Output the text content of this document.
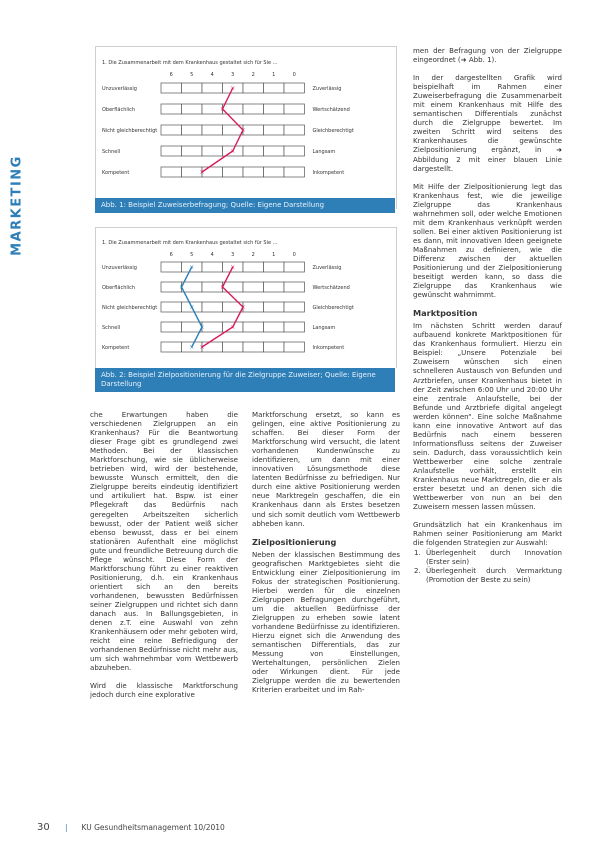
MARKETING
1. Die Zusammenarbeit mit dem Krankenhaus gestaltet sich für Sie ...
6	5	4	3	2	1	0
Unzuverlässig	Zuverlässig
Oberflächlich	Wertschätzend
Nicht gleichberechtigt	Gleichberechtigt
Schnell	Langsam
Kompetent	Inkompetent
×
×
×
×
×
Abb. 1: Beispiel Zuweiserbefragung; Quelle: Eigene Darstellung
1. Die Zusammenarbeit mit dem Krankenhaus gestaltet sich für Sie ...
6	5	4	3	2	1	0
Unzuverlässig	Zuverlässig
Oberflächlich	Wertschätzend
Nicht gleichberechtigt	Gleichberechtigt
Schnell	Langsam
Kompetent	Inkompetent
×
×
×
×
×
×
×
×
×
×
Abb. 2: Beispiel Zielpositionierung für die Zielgruppe Zuweiser; Quelle: Eigene Darstellung

men der Befragung von der Zielgruppe eingeordnet (➜ Abb. 1).

In der dargestellten Grafik wird beispielhaft im Rahmen einer Zuweiserbefragung die Zusammenarbeit mit einem Krankenhaus mit Hilfe des semantischen Differentials zunächst durch die Zielgruppe bewertet. Im zweiten Schritt wird seitens des Krankenhauses die gewünschte Zielpositionierung ergänzt, in ➜ Abbildung 2 mit einer blauen Linie dargestellt.

Mit Hilfe der Zielpositionierung legt das Krankenhaus fest, wie die jeweilige Zielgruppe das Krankenhaus wahrnehmen soll, oder welche Emotionen mit dem Krankenhaus verknüpft werden sollen. Bei einer aktiven Positionierung ist es dann, mit innovativen Ideen geeignete Maßnahmen zu definieren, wie die Differenz zwischen der aktuellen Positionierung und der Zielpositionierung beseitigt werden kann, so dass die Zielgruppe das Krankenhaus wie gewünscht wahrnimmt.

Marktposition

Im nächsten Schritt werden darauf aufbauend konkrete Marktpositionen für das Krankenhaus formuliert. Hierzu ein Beispiel: „Unsere Potenziale bei Zuweisern wünschen sich einen schnelleren Austausch von Befunden und Arztbriefen, unser Krankenhaus bietet in der Zeit zwischen 6:00 Uhr und 20:00 Uhr eine zentrale Anlaufstelle, bei der Befunde und Arztbriefe digital angelegt werden können“. Eine solche Maßnahme kann eine innovative Antwort auf das Bedürfnis nach einem besseren Informationsfluss seitens der Zuweiser sein. Dadurch, dass voraussichtlich kein Wettbewerber eine solche zentrale Anlaufstelle vorhält, erstellt ein Krankenhaus neue Marktregeln, die er als erster besetzt und an denen sich die Wettbewerber von nun an bei den Zuweisern messen lassen müssen.

Grundsätzlich hat ein Krankenhaus im Rahmen seiner Positionierung am Markt die folgenden Strategien zur Auswahl:

1. Überlegenheit durch Innovation (Erster sein)
2. Überlegenheit durch Vermarktung (Promotion der Beste zu sein)

che Erwartungen haben die verschiedenen Zielgruppen an ein Krankenhaus? Für die Beantwortung dieser Frage gibt es grundlegend zwei Methoden. Bei der klassischen Marktforschung, wie sie üblicherweise betrieben wird, wird der bestehende, bewusste Wunsch ermittelt, den die Zielgruppe bereits eindeutig identifiziert und artikuliert hat. Bspw. ist einer Pflegekraft das Bedürfnis nach geregelten Arbeitszeiten sicherlich bewusst, oder der Patient weiß sicher ebenso bewusst, dass er bei einem stationären Aufenthalt eine möglichst gute und freundliche Betreuung durch die Pflege wünscht. Diese Form der Marktforschung führt zu einer reaktiven Positionierung, d.h. ein Krankenhaus orientiert sich an den bereits vorhandenen, bewussten Bedürfnissen seiner Zielgruppen und richtet sich dann danach aus. In Ballungsgebieten, in denen z.T. eine Auswahl von zehn Krankenhäusern oder mehr geboten wird, reicht eine reine Befriedigung der vorhandenen Bedürfnisse nicht mehr aus, um sich wahrnehmbar vom Wettbewerb abzuheben.

Wird die klassische Marktforschung jedoch durch eine explorative

Marktforschung ersetzt, so kann es gelingen, eine aktive Positionierung zu schaffen. Bei dieser Form der Marktforschung wird versucht, die latent vorhandenen Kundenwünsche zu identifizieren, um dann mit einer innovativen Lösungsmethode diese latenten Bedürfnisse zu befriedigen. Nur durch eine aktive Positionierung werden neue Marktregeln geschaffen, die ein Krankenhaus dann als Erstes besetzen und sich somit deutlich vom Wettbewerb abheben kann.

Zielpositionierung

Neben der klassischen Bestimmung des geografischen Marktgebietes sieht die Entwicklung einer Zielpositionierung im Fokus der strategischen Positionierung. Hierbei werden für die einzelnen Zielgruppen Befragungen durchgeführt, um die aktuellen Bedürfnisse der Zielgruppen zu erheben sowie latent vorhandene Bedürfnisse zu identifizieren. Hierzu eignet sich die Anwendung des semantischen Differentials, das zur Messung von Einstellungen, Wertehaltungen, persönlichen Zielen oder Wirkungen dient. Für jede Zielgruppe werden die zu bewertenden Kriterien erarbeitet und im Rah-

30 | KU Gesundheitsmanagement 10/2010
